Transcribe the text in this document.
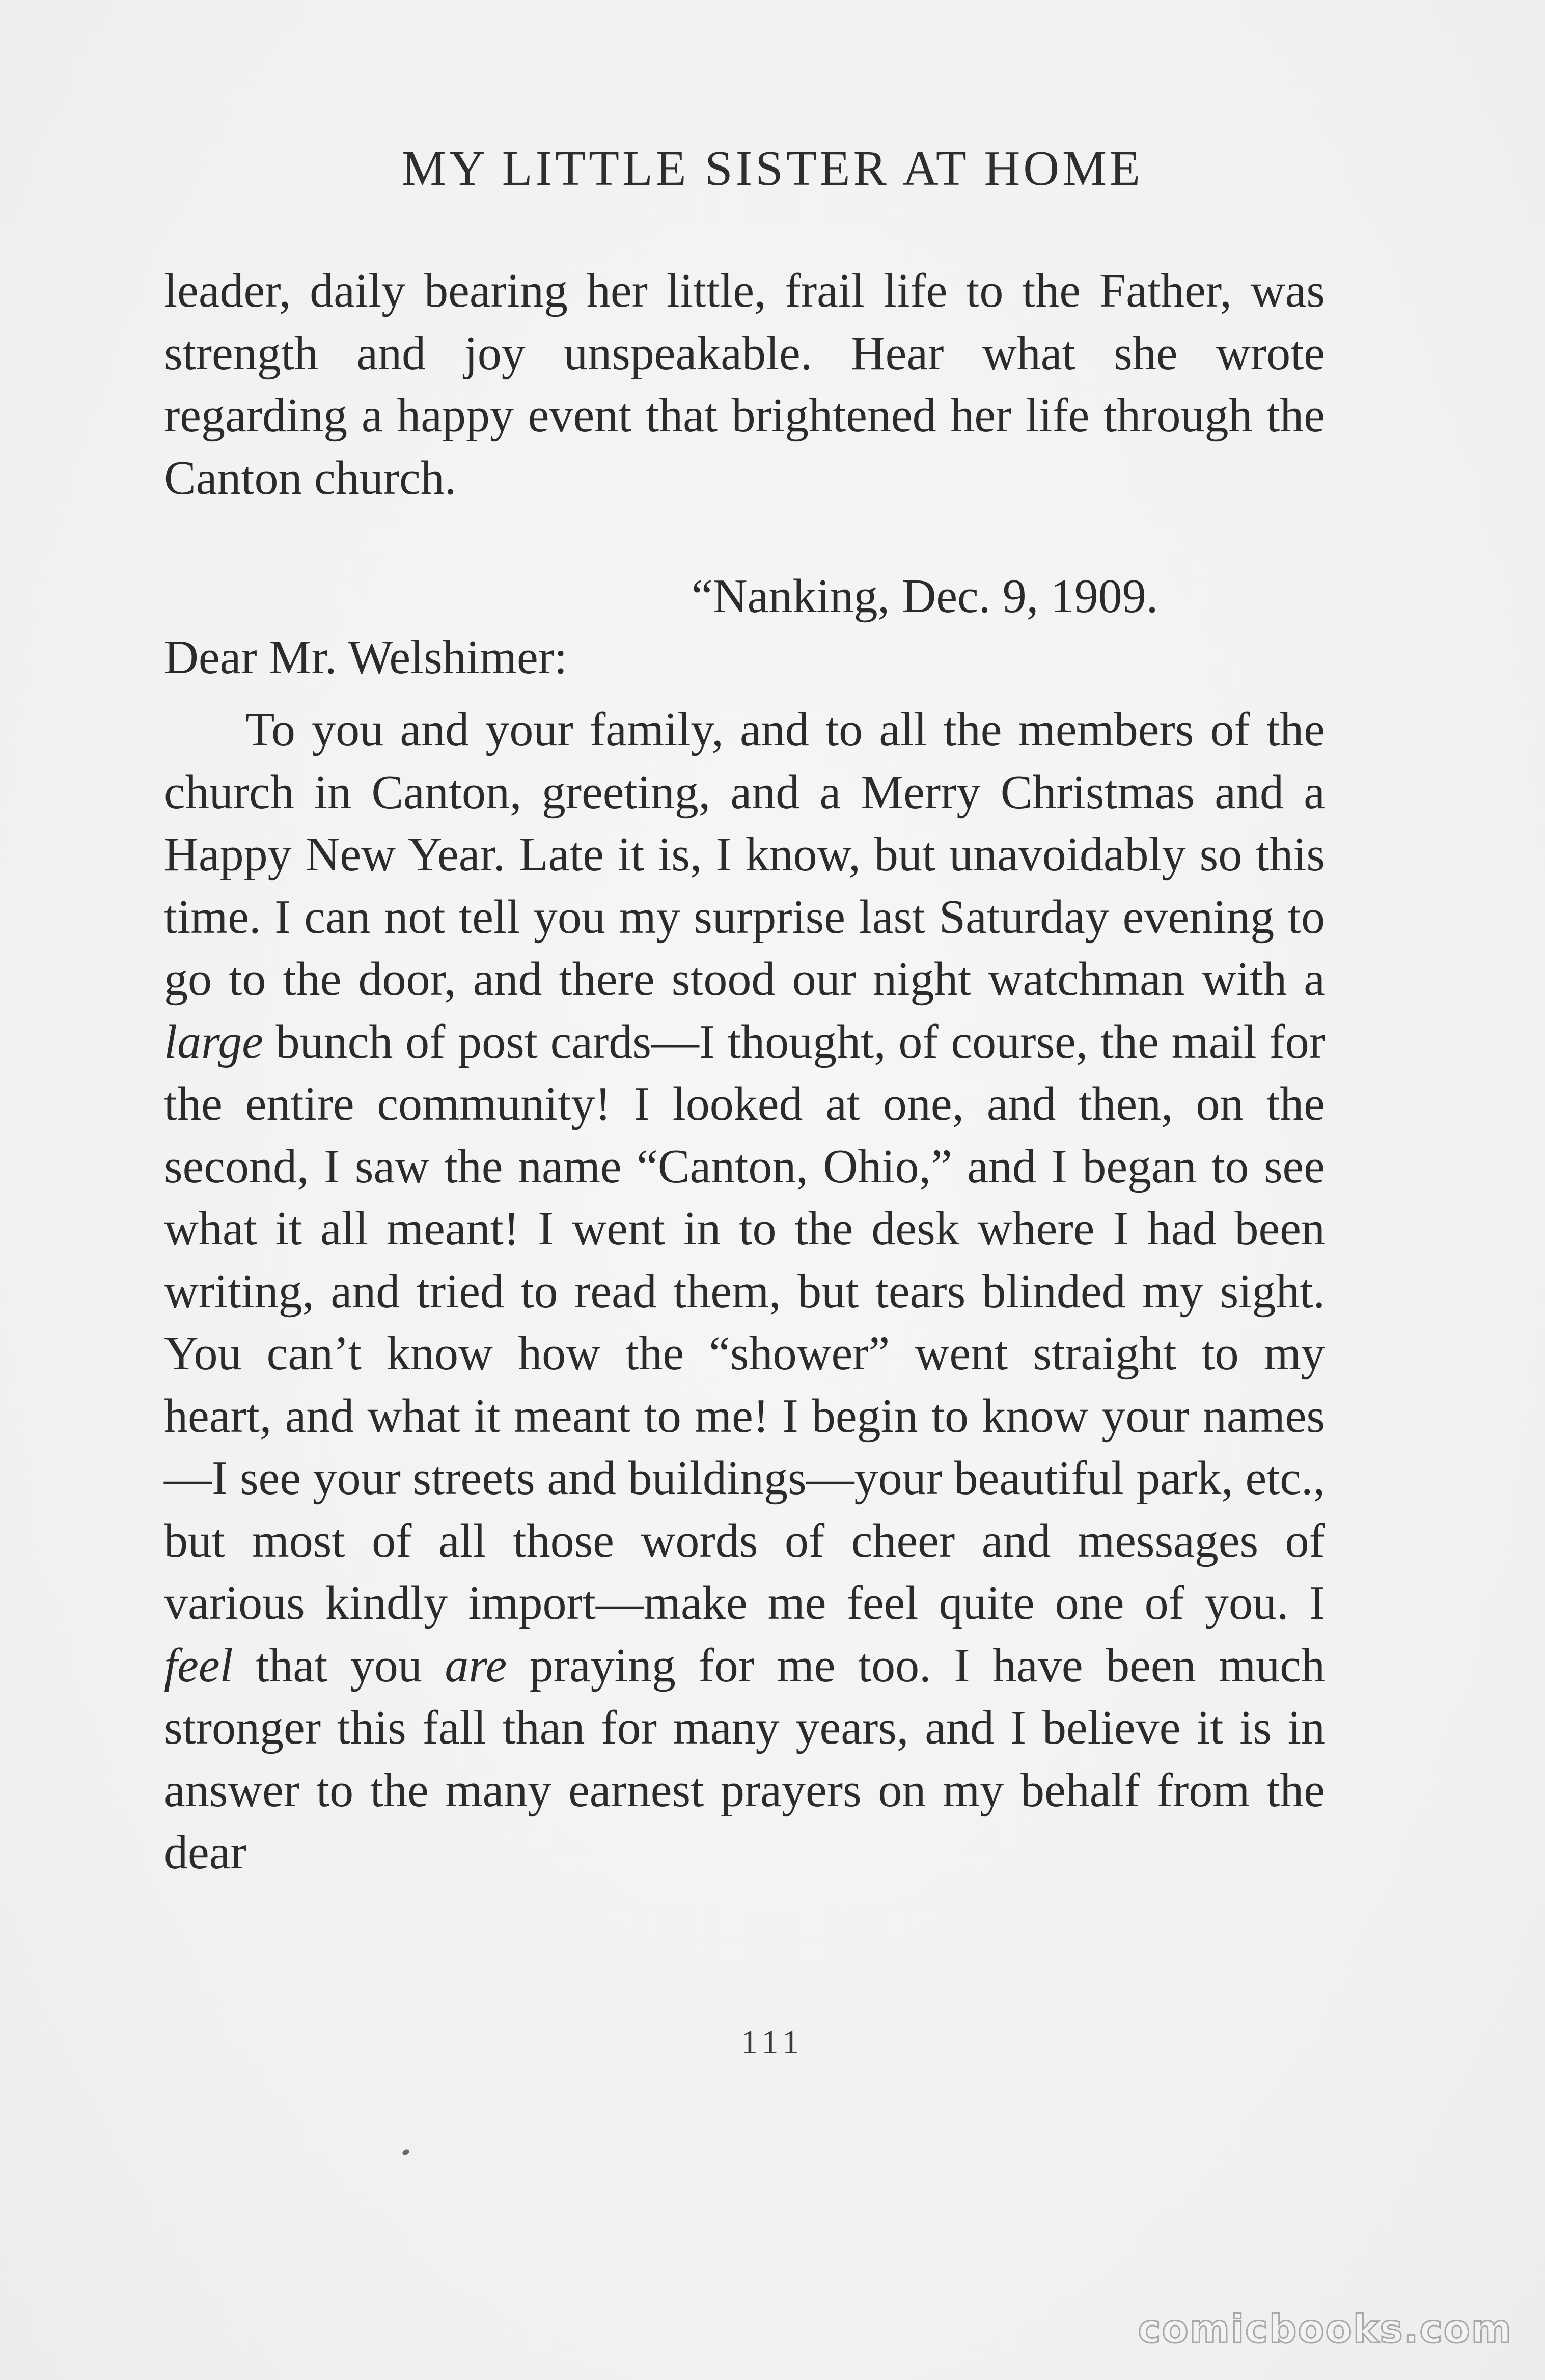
MY LITTLE SISTER AT HOME

leader, daily bearing her little, frail life to the Father, was strength and joy unspeakable. Hear what she wrote regarding a happy event that brightened her life through the Canton church.

“Nanking, Dec. 9, 1909.
Dear Mr. Welshimer:

To you and your family, and to all the members of the church in Canton, greeting, and a Merry Christmas and a Happy New Year. Late it is, I know, but unavoidably so this time. I can not tell you my surprise last Saturday evening to go to the door, and there stood our night watchman with a large bunch of post cards—I thought, of course, the mail for the entire community! I looked at one, and then, on the second, I saw the name “Canton, Ohio,” and I began to see what it all meant! I went in to the desk where I had been writing, and tried to read them, but tears blinded my sight. You can’t know how the “shower” went straight to my heart, and what it meant to me! I begin to know your names—I see your streets and buildings—your beautiful park, etc., but most of all those words of cheer and messages of various kindly import—make me feel quite one of you. I feel that you are praying for me too. I have been much stronger this fall than for many years, and I believe it is in answer to the many earnest prayers on my behalf from the dear

111
comicbooks.com
